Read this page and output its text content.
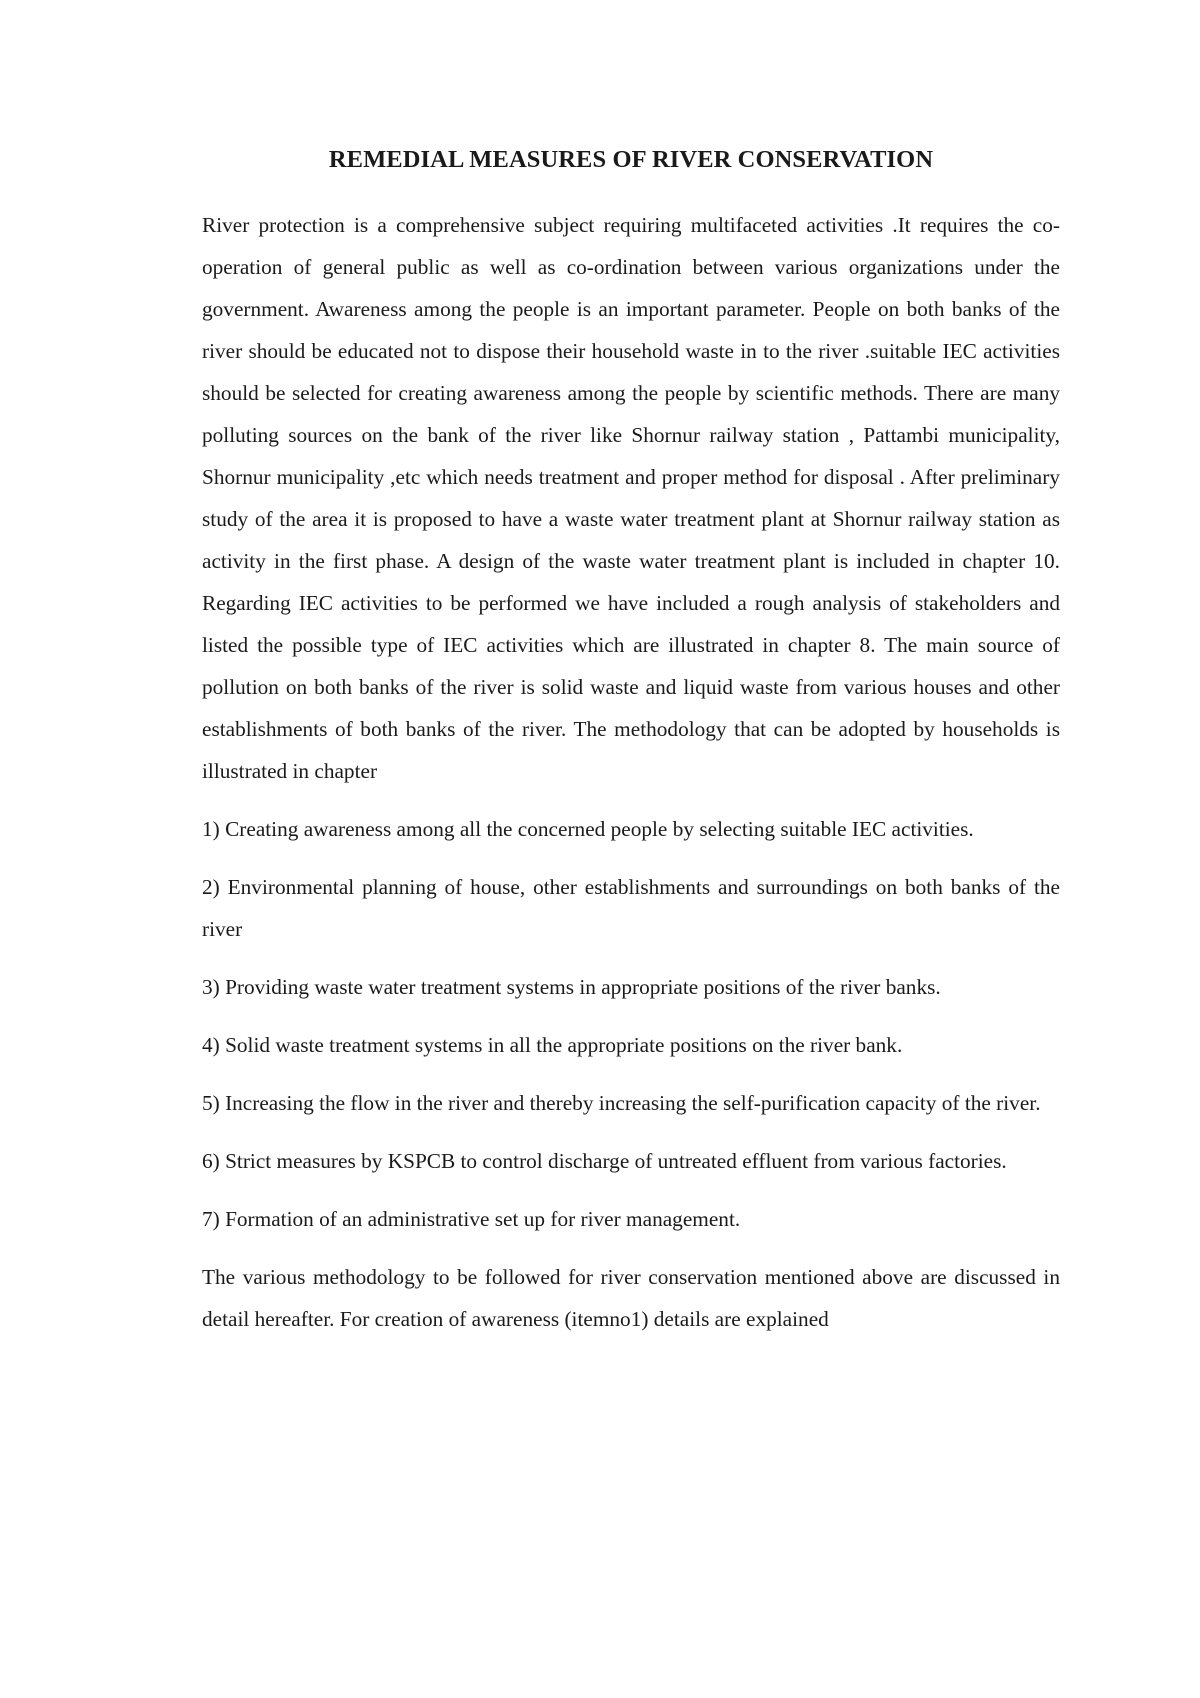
REMEDIAL MEASURES OF RIVER CONSERVATION

River protection is a comprehensive subject requiring multifaceted activities .It requires the co-operation of general public as well as co-ordination between various organizations under the government. Awareness among the people is an important parameter. People on both banks of the river should be educated not to dispose their household waste in to the river .suitable IEC activities should be selected for creating awareness among the people by scientific methods. There are many polluting sources on the bank of the river like Shornur railway station , Pattambi municipality, Shornur municipality ,etc which needs treatment and proper method for disposal . After preliminary study of the area it is proposed to have a waste water treatment plant at Shornur railway station as activity in the first phase. A design of the waste water treatment plant is included in chapter 10. Regarding IEC activities to be performed we have included a rough analysis of stakeholders and listed the possible type of IEC activities which are illustrated in chapter 8. The main source of pollution on both banks of the river is solid waste and liquid waste from various houses and other establishments of both banks of the river. The methodology that can be adopted by households is illustrated in chapter

1) Creating awareness among all the concerned people by selecting suitable IEC activities.

2) Environmental planning of house, other establishments and surroundings on both banks of the river

3) Providing waste water treatment systems in appropriate positions of the river banks.

4) Solid waste treatment systems in all the appropriate positions on the river bank.

5) Increasing the flow in the river and thereby increasing the self-purification capacity of the river.

6) Strict measures by KSPCB to control discharge of untreated effluent from various factories.

7) Formation of an administrative set up for river management.

The various methodology to be followed for river conservation mentioned above are discussed in detail hereafter. For creation of awareness (itemno1) details are explained
